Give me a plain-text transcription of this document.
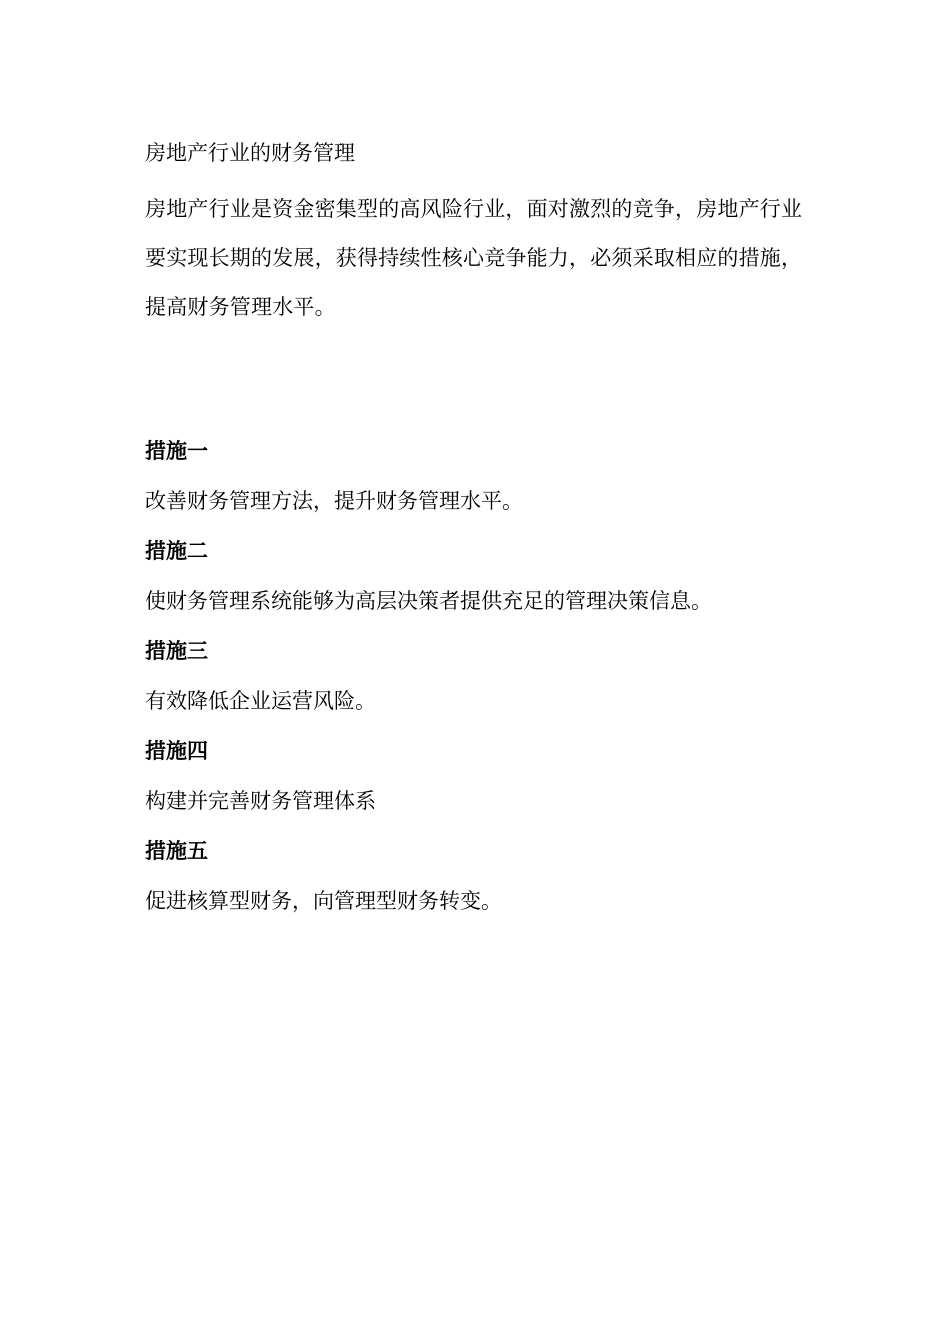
房地产行业的财务管理
房地产行业是资金密集型的高风险行业，面对激烈的竞争，房地产行业要实现长期的发展，获得持续性核心竞争能力，必须采取相应的措施，提高财务管理水平。
措施一
改善财务管理方法，提升财务管理水平。
措施二
使财务管理系统能够为高层决策者提供充足的管理决策信息。
措施三
有效降低企业运营风险。
措施四
构建并完善财务管理体系
措施五
促进核算型财务，向管理型财务转变。
